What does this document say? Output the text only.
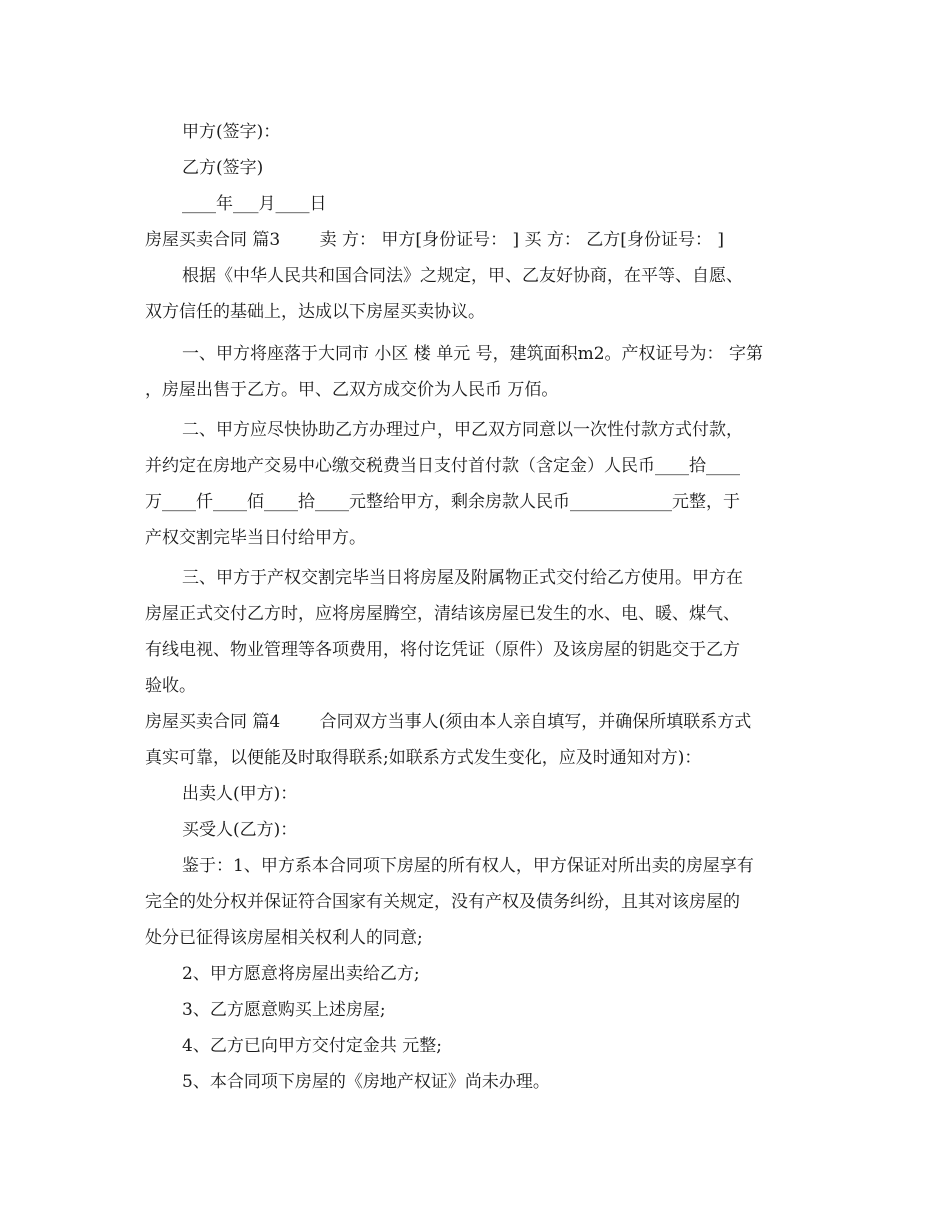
甲方(签字)：
乙方(签字)
____年___月____日
房屋买卖合同 篇3　　 卖 方： 甲方[身份证号： ] 买 方： 乙方[身份证号： ]
根据《中华人民共和国合同法》之规定，甲、乙友好协商，在平等、自愿、
双方信任的基础上，达成以下房屋买卖协议。
一、甲方将座落于大同市 小区 楼 单元 号，建筑面积m2。产权证号为： 字第
，房屋出售于乙方。甲、乙双方成交价为人民币 万佰。
二、甲方应尽快协助乙方办理过户，甲乙双方同意以一次性付款方式付款，
并约定在房地产交易中心缴交税费当日支付首付款（含定金）人民币____拾____
万____仟____佰____拾____元整给甲方，剩余房款人民币____________元整，于
产权交割完毕当日付给甲方。
三、甲方于产权交割完毕当日将房屋及附属物正式交付给乙方使用。甲方在
房屋正式交付乙方时，应将房屋腾空，清结该房屋已发生的水、电、暖、煤气、
有线电视、物业管理等各项费用，将付讫凭证（原件）及该房屋的钥匙交于乙方
验收。
房屋买卖合同 篇4　　 合同双方当事人(须由本人亲自填写，并确保所填联系方式
真实可靠，以便能及时取得联系;如联系方式发生变化，应及时通知对方)：
出卖人(甲方)：
买受人(乙方)：
鉴于：1、甲方系本合同项下房屋的所有权人，甲方保证对所出卖的房屋享有
完全的处分权并保证符合国家有关规定，没有产权及债务纠纷，且其对该房屋的
处分已征得该房屋相关权利人的同意;
2、甲方愿意将房屋出卖给乙方;
3、乙方愿意购买上述房屋;
4、乙方已向甲方交付定金共 元整;
5、本合同项下房屋的《房地产权证》尚未办理。
